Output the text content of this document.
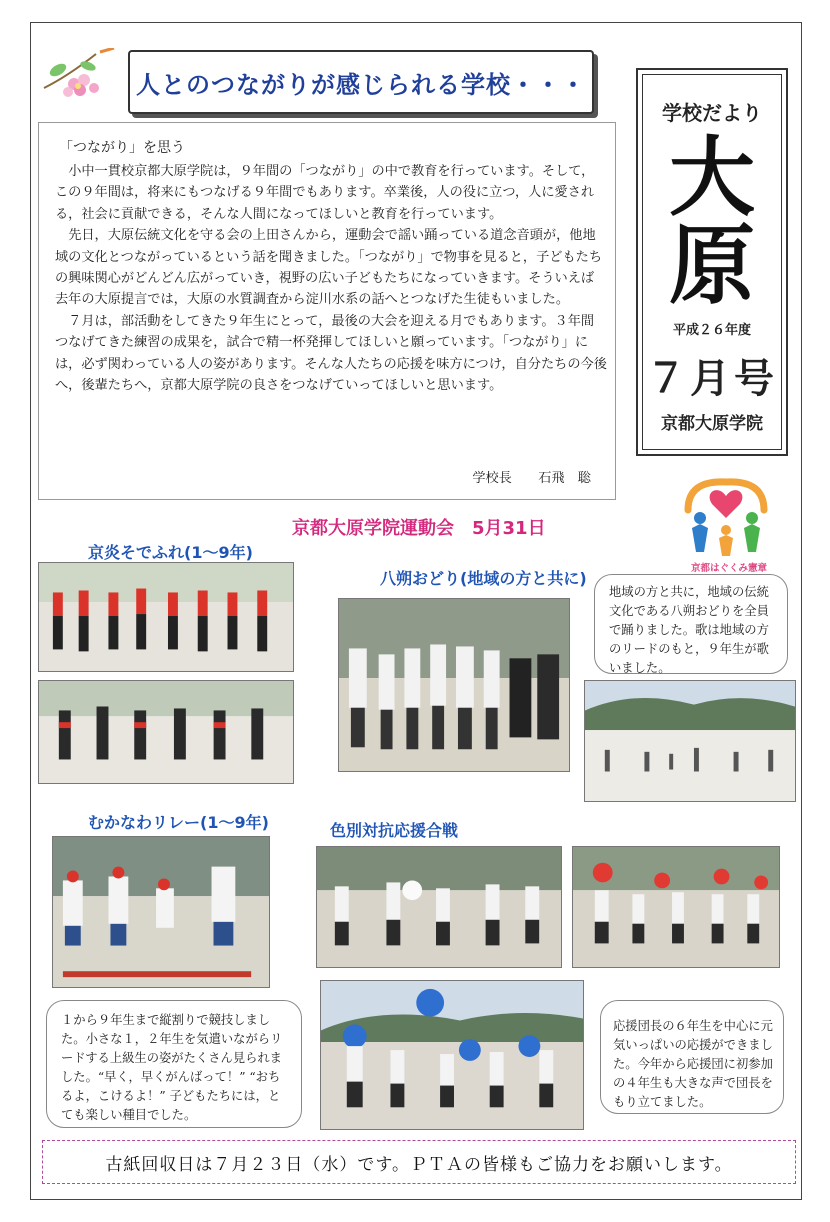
人とのつながりが感じられる学校・・・
学校だより
大
原
平成２６年度
７月号
京都大原学院
「つながり」を思う

小中一貫校京都大原学院は，９年間の「つながり」の中で教育を行っています。そして，この９年間は，将来にもつなげる９年間でもあります。卒業後，人の役に立つ，人に愛される，社会に貢献できる，そんな人間になってほしいと教育を行っています。

先日，大原伝統文化を守る会の上田さんから，運動会で謡い踊っている道念音頭が，他地域の文化とつながっているという話を聞きました。「つながり」で物事を見ると，子どもたちの興味関心がどんどん広がっていき，視野の広い子どもたちになっていきます。そういえば去年の大原提言では，大原の水質調査から淀川水系の話へとつなげた生徒もいました。

７月は，部活動をしてきた９年生にとって，最後の大会を迎える月でもあります。３年間つなげてきた練習の成果を，試合で精一杯発揮してほしいと願っています。「つながり」には，必ず関わっている人の姿があります。そんな人たちの応援を味方につけ，自分たちの今後へ，後輩たちへ，京都大原学院の良さをつなげていってほしいと思います。

学校長　　石飛　聡
京都はぐくみ憲章
京都大原学院運動会　5月31日
京炎そでふれ(1～9年)
八朔おどり(地域の方と共に)
むかなわリレー(1～9年)	色別対抗応援合戦
地域の方と共に，地域の伝統文化である八朔おどりを全員で踊りました。歌は地域の方のリードのもと，９年生が歌いました。
１から９年生まで縦割りで競技しました。小さな１，２年生を気遣いながらリードする上級生の姿がたくさん見られました。“早く，早くがんばって！” “おちるよ，こけるよ！” 子どもたちには，とても楽しい種目でした。
応援団長の６年生を中心に元気いっぱいの応援ができました。今年から応援団に初参加の４年生も大きな声で団長をもり立てました。
古紙回収日は７月２３日（水）です。ＰＴＡの皆様もご協力をお願いします。
